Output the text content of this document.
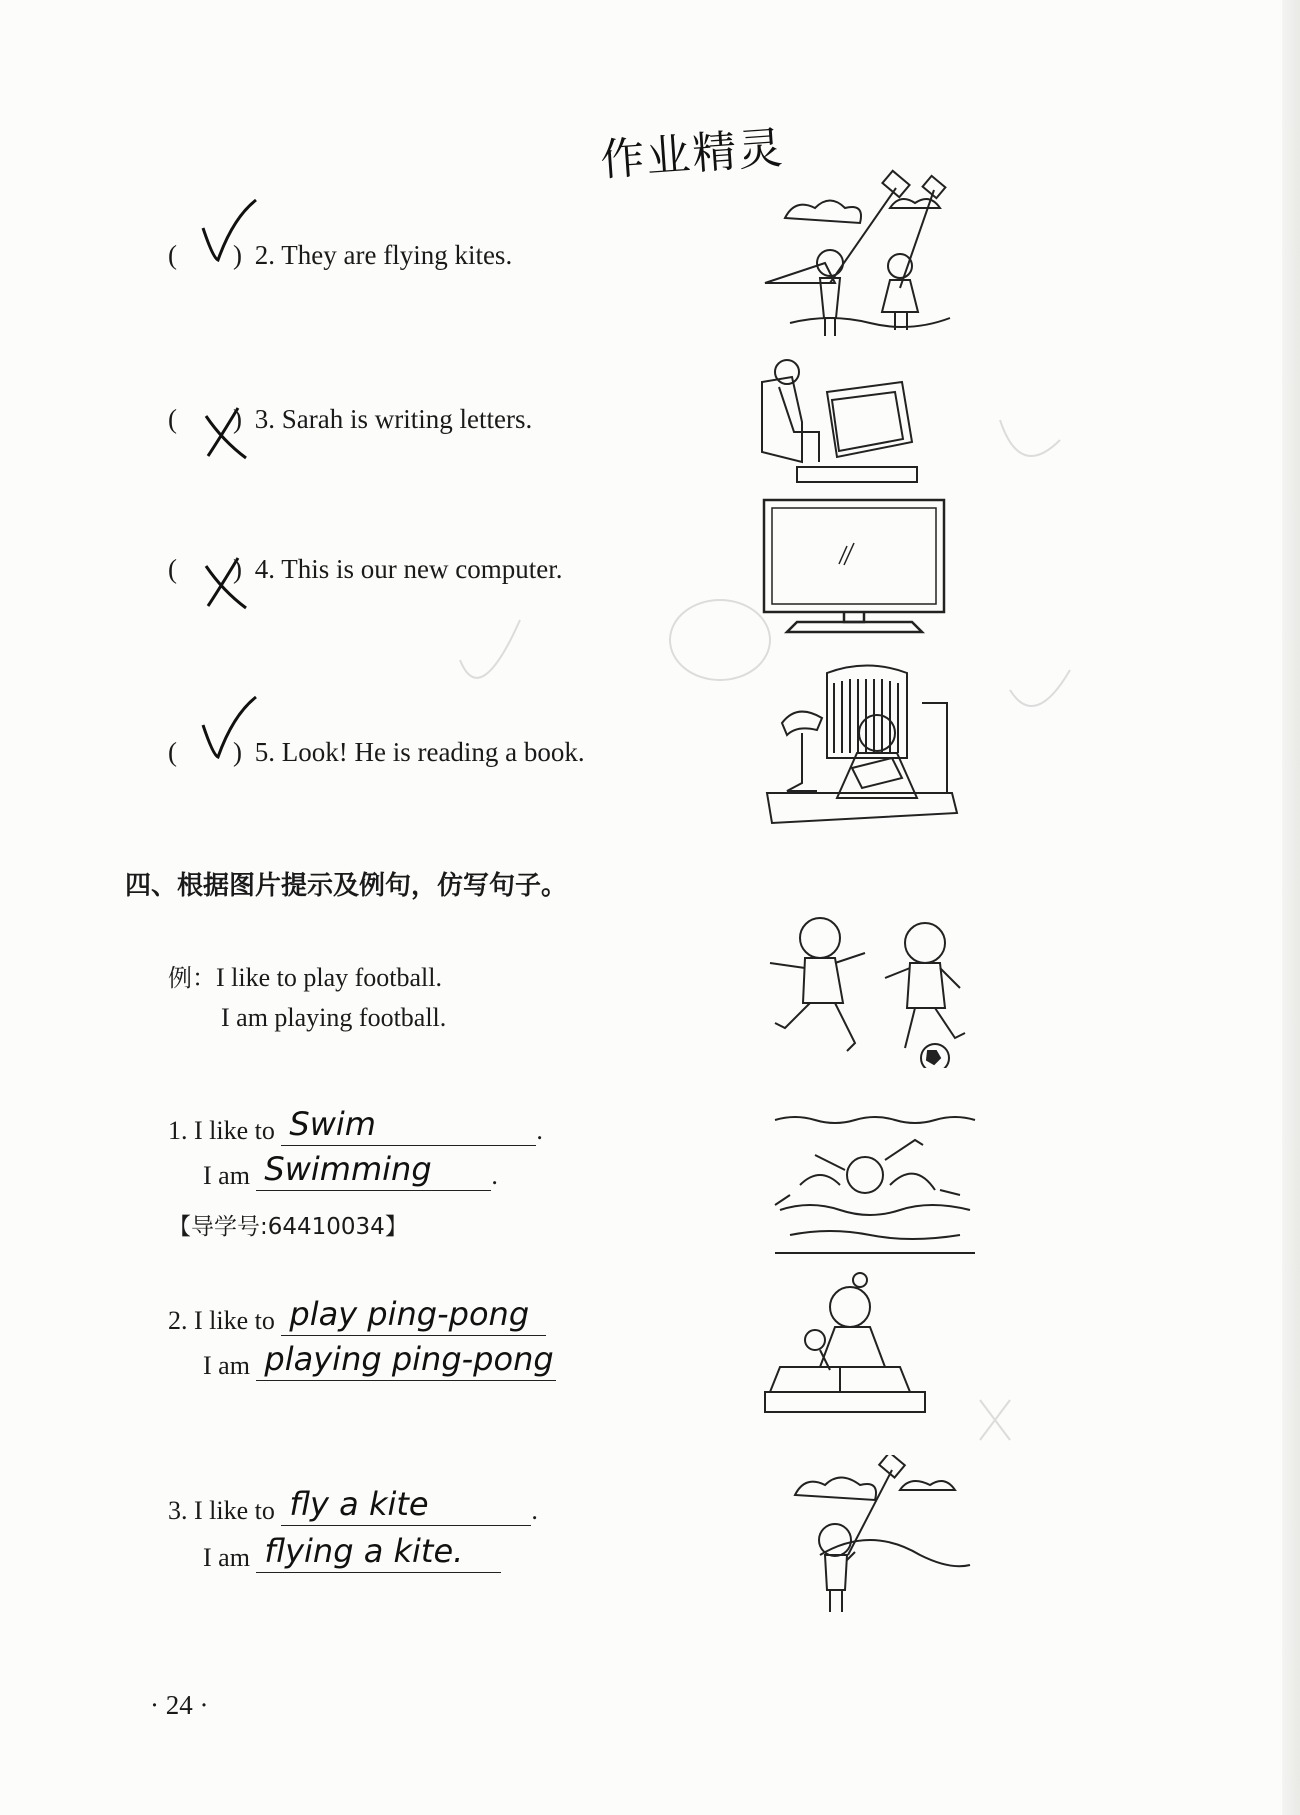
作业精灵
( ) 2. They are flying kites.
( ) 3. Sarah is writing letters.
( ) 4. This is our new computer.
( ) 5. Look! He is reading a book.
四、根据图片提示及例句，仿写句子。
例：I like to play football.
I am playing football.
1. I like to Swim	.
I am Swimming .
【导学号:64410034】
2. I like to play ping-pong
I am playing ping-pong
3. I like to fly a kite	.
I am flying a kite.
· 24 ·
